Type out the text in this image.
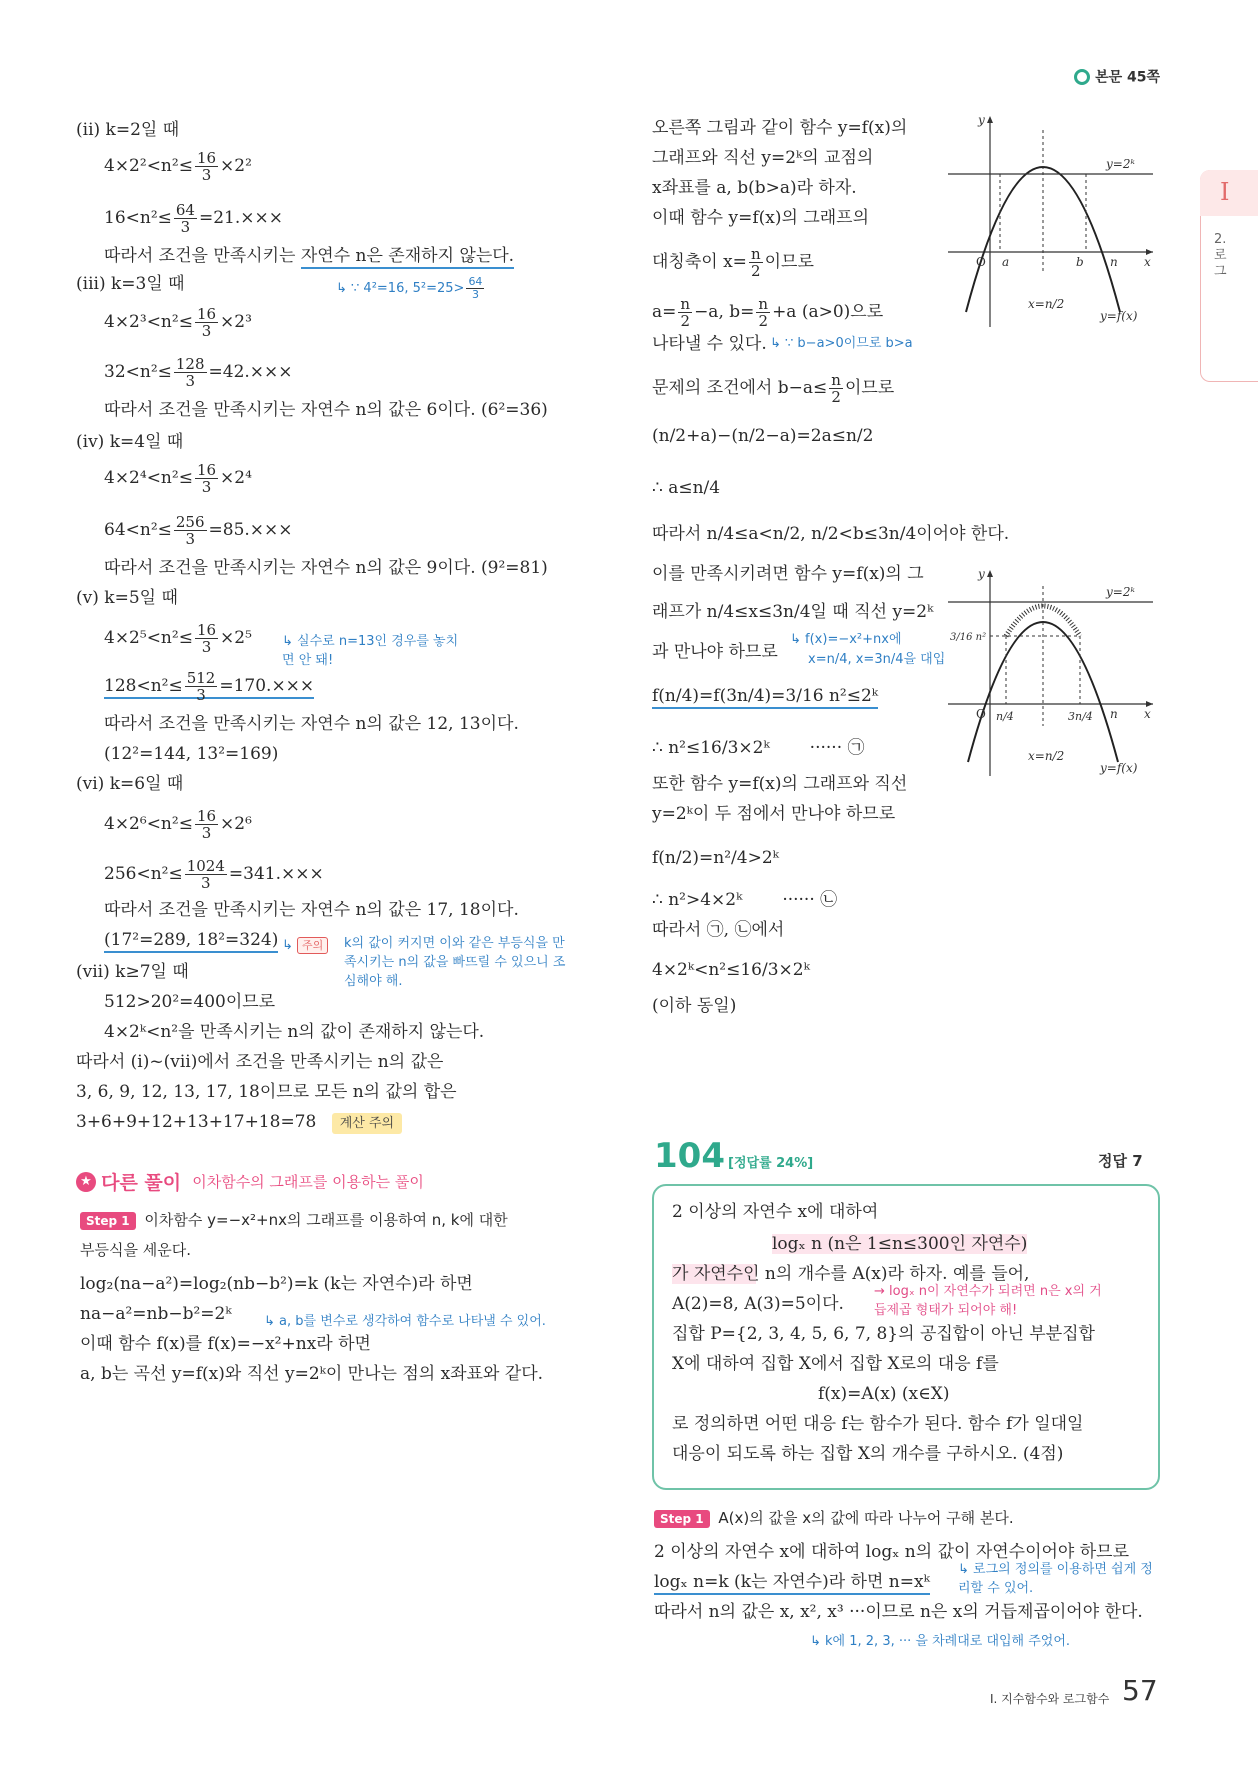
본문 45쪽
I
2. 로그
(ii) k=2일 때
$4\times 2^2<n^2\le \frac{16}{3} \times 2^2$
$16<n^2\le \frac{64}{3} =21.\times\times\times$
따라서 조건을 만족시키는 자연수 n은 존재하지 않는다.
↳ ∵ 4²=16, $5^2=25> \frac{64}{3}$
(iii) k=3일 때
$4\times 2^3<n^2\le \frac{16}{3} \times 2^3$
$32<n^2\le \frac{128}{3} =42.\times\times\times$
따라서 조건을 만족시키는 자연수 n의 값은 6이다. (6²=36)
(iv) k=4일 때
$4\times 2^4<n^2\le \frac{16}{3} \times 2^4$
$64<n^2\le \frac{256}{3} =85.\times\times\times$
따라서 조건을 만족시키는 자연수 n의 값은 9이다. (9²=81)
(v) k=5일 때
$4\times 2^5<n^2\le \frac{16}{3} \times 2^5$ ↳ 실수로 n=13인 경우를 놓치면 안 돼!
$128<n^2\le \frac{512}{3} =170.\times\times\times$
따라서 조건을 만족시키는 자연수 n의 값은 12, 13이다.
(12²=144, 13²=169)
(vi) k=6일 때
$4\times 2^6<n^2\le \frac{16}{3} \times 2^6$
$256<n^2\le \frac{1024}{3} =341.\times\times\times$
따라서 조건을 만족시키는 자연수 n의 값은 17, 18이다.
(17²=289, 18²=324) ↳ 주의	k의 값이 커지면 이와 같은 부등식을 만족시키는 n의 값을 빠뜨릴 수 있으니 조심해야 해.
(vii) k≥7일 때
512>20²=400이므로
4×2ᵏ<n²을 만족시키는 n의 값이 존재하지 않는다.
따라서 (i)~(vii)에서 조건을 만족시키는 n의 값은
3, 6, 9, 12, 13, 17, 18이므로 모든 n의 값의 합은
3+6+9+12+13+17+18=78 계산 주의
★ 다른 풀이 이차함수의 그래프를 이용하는 풀이
Step 1 이차함수 y=−x²+nx의 그래프를 이용하여 n, k에 대한
부등식을 세운다.
log₂(na−a²)=log₂(nb−b²)=k (k는 자연수)라 하면
na−a²=nb−b²=2ᵏ ↳ a, b를 변수로 생각하여 함수로 나타낼 수 있어.
이때 함수 f(x)를 f(x)=−x²+nx라 하면
a, b는 곡선 y=f(x)와 직선 y=2ᵏ이 만나는 점의 x좌표와 같다.
오른쪽 그림과 같이 함수 y=f(x)의
그래프와 직선 y=2ᵏ의 교점의
x좌표를 a, b(b>a)라 하자.
이때 함수 y=f(x)의 그래프의
대칭축이 $x= \frac{n}{2}$ 이므로
$a= \frac{n}{2} -a$, $b= \frac{n}{2} +a$ (a>0)으로
나타낼 수 있다. ↳ ∵ b−a>0이므로 b>a
문제의 조건에서 $b-a\le \frac{n}{2}$ 이므로
(n/2+a)−(n/2−a)=2a≤n/2
∴ a≤n/4
따라서 n/4≤a<n/2, n/2<b≤3n/4이어야 한다.
이를 만족시키려면 함수 y=f(x)의 그
래프가 n/4≤x≤3n/4일 때 직선 y=2ᵏ
과 만나야 하므로
↳ f(x)=−x²+nx에
x=n/4, x=3n/4을 대입
f(n/4)=f(3n/4)=3/16 n²≤2ᵏ
∴ n²≤16/3×2ᵏ ······ ㉠
또한 함수 y=f(x)의 그래프와 직선
y=2ᵏ이 두 점에서 만나야 하므로
f(n/2)=n²/4>2ᵏ
∴ n²>4×2ᵏ ······ ㉡
따라서 ㉠, ㉡에서
4×2ᵏ<n²≤16/3×2ᵏ
(이하 동일)
y
y=2ᵏ
O a	b n x
x=n/2
y=f(x)
y
y=2ᵏ
3/16 n²
O n/4	3n/4 n x
x=n/2
y=f(x)
104 [정답률 24%]	정답 7
2 이상의 자연수 x에 대하여
logₓ n (n은 1≤n≤300인 자연수)
가 자연수인 n의 개수를 A(x)라 하자. 예를 들어,
A(2)=8, A(3)=5이다.
→ logₓ n이 자연수가 되려면 n은 x의 거듭제곱 형태가 되어야 해!
집합 P={2, 3, 4, 5, 6, 7, 8}의 공집합이 아닌 부분집합
X에 대하여 집합 X에서 집합 X로의 대응 f를
f(x)=A(x) (x∈X)
로 정의하면 어떤 대응 f는 함수가 된다. 함수 f가 일대일
대응이 되도록 하는 집합 X의 개수를 구하시오. (4점)
Step 1 A(x)의 값을 x의 값에 따라 나누어 구해 본다.
2 이상의 자연수 x에 대하여 logₓ n의 값이 자연수이어야 하므로
logₓ n=k (k는 자연수)라 하면 n=xᵏ
↳ 로그의 정의를 이용하면 쉽게 정리할 수 있어.
따라서 n의 값은 x, x², x³ ···이므로 n은 x의 거듭제곱이어야 한다.
↳ k에 1, 2, 3, ··· 을 차례대로 대입해 주었어.
I. 지수함수와 로그함수 57
